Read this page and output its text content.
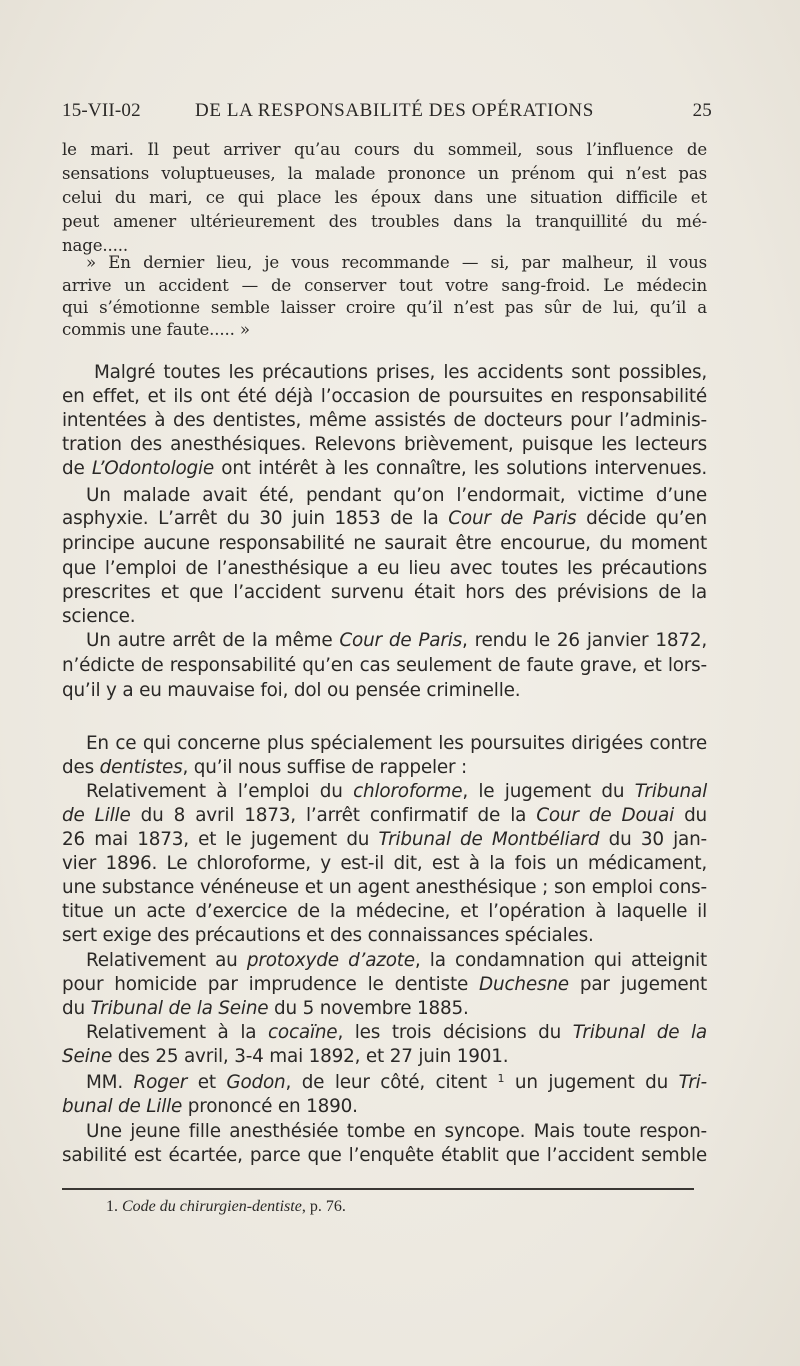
15-VII-02	DE LA RESPONSABILITÉ DES OPÉRATIONS	25
le mari. Il peut arriver qu’au cours du sommeil, sous l’influence de
sensations voluptueuses, la malade prononce un prénom qui n’est pas
celui du mari, ce qui place les époux dans une situation difficile et
peut amener ultérieurement des troubles dans la tranquillité du mé-
nage.....
» En dernier lieu, je vous recommande — si, par malheur, il vous
arrive un accident — de conserver tout votre sang-froid. Le médecin
qui s’émotionne semble laisser croire qu’il n’est pas sûr de lui, qu’il a
commis une faute..... »
Malgré toutes les précautions prises, les accidents sont possibles,
en effet, et ils ont été déjà l’occasion de poursuites en responsabilité
intentées à des dentistes, même assistés de docteurs pour l’adminis-
tration des anesthésiques. Relevons brièvement, puisque les lecteurs
de L’Odontologie ont intérêt à les connaître, les solutions intervenues.
Un malade avait été, pendant qu’on l’endormait, victime d’une
asphyxie. L’arrêt du 30 juin 1853 de la Cour de Paris décide qu’en
principe aucune responsabilité ne saurait être encourue, du moment
que l’emploi de l’anesthésique a eu lieu avec toutes les précautions
prescrites et que l’accident survenu était hors des prévisions de la
science.
Un autre arrêt de la même Cour de Paris, rendu le 26 janvier 1872,
n’édicte de responsabilité qu’en cas seulement de faute grave, et lors-
qu’il y a eu mauvaise foi, dol ou pensée criminelle.
En ce qui concerne plus spécialement les poursuites dirigées contre
des dentistes, qu’il nous suffise de rappeler :
Relativement à l’emploi du chloroforme, le jugement du Tribunal
de Lille du 8 avril 1873, l’arrêt confirmatif de la Cour de Douai du
26 mai 1873, et le jugement du Tribunal de Montbéliard du 30 jan-
vier 1896. Le chloroforme, y est-il dit, est à la fois un médicament,
une substance vénéneuse et un agent anesthésique ; son emploi cons-
titue un acte d’exercice de la médecine, et l’opération à laquelle il
sert exige des précautions et des connaissances spéciales.
Relativement au protoxyde d’azote, la condamnation qui atteignit
pour homicide par imprudence le dentiste Duchesne par jugement
du Tribunal de la Seine du 5 novembre 1885.
Relativement à la cocaïne, les trois décisions du Tribunal de la
Seine des 25 avril, 3-4 mai 1892, et 27 juin 1901.
MM. Roger et Godon, de leur côté, citent $^1$ un jugement du Tri-
bunal de Lille prononcé en 1890.
Une jeune fille anesthésiée tombe en syncope. Mais toute respon-
sabilité est écartée, parce que l’enquête établit que l’accident semble
1. Code du chirurgien-dentiste, p. 76.
